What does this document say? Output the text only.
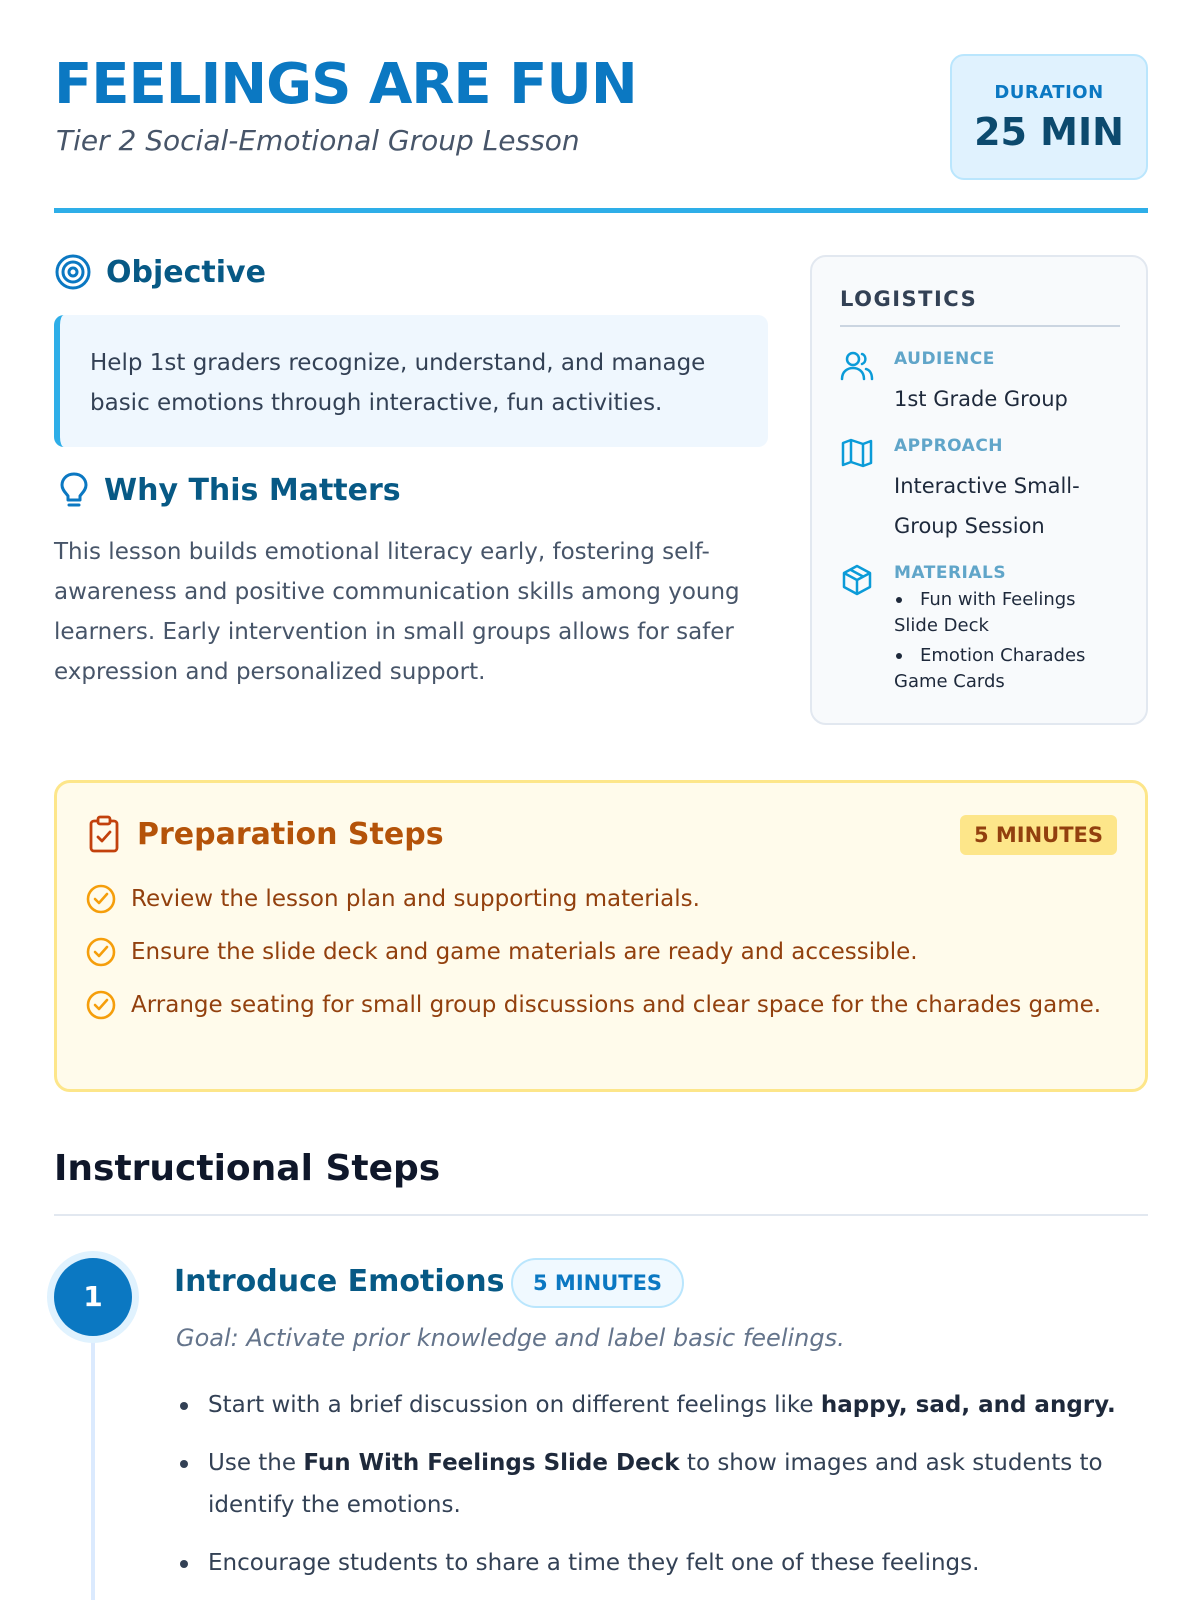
FEELINGS ARE FUN
Tier 2 Social-Emotional Group Lesson
DURATION
25 MIN
Objective
Help 1st graders recognize, understand, and manage basic emotions through interactive, fun activities.
Why This Matters
This lesson builds emotional literacy early, fostering self-awareness and positive communication skills among young learners. Early intervention in small groups allows for safer expression and personalized support.
LOGISTICS
AUDIENCE
1st Grade Group
APPROACH
Interactive Small-Group Session
MATERIALS
Fun with Feelings Slide Deck
Emotion Charades Game Cards
Preparation Steps	5 MINUTES
Review the lesson plan and supporting materials.
Ensure the slide deck and game materials are ready and accessible.
Arrange seating for small group discussions and clear space for the charades game.
Instructional Steps
1	Introduce Emotions	5 MINUTES
Goal: Activate prior knowledge and label basic feelings.
Start with a brief discussion on different feelings like happy, sad, and angry.
Use the Fun With Feelings Slide Deck to show images and ask students to identify the emotions.
Encourage students to share a time they felt one of these feelings.
